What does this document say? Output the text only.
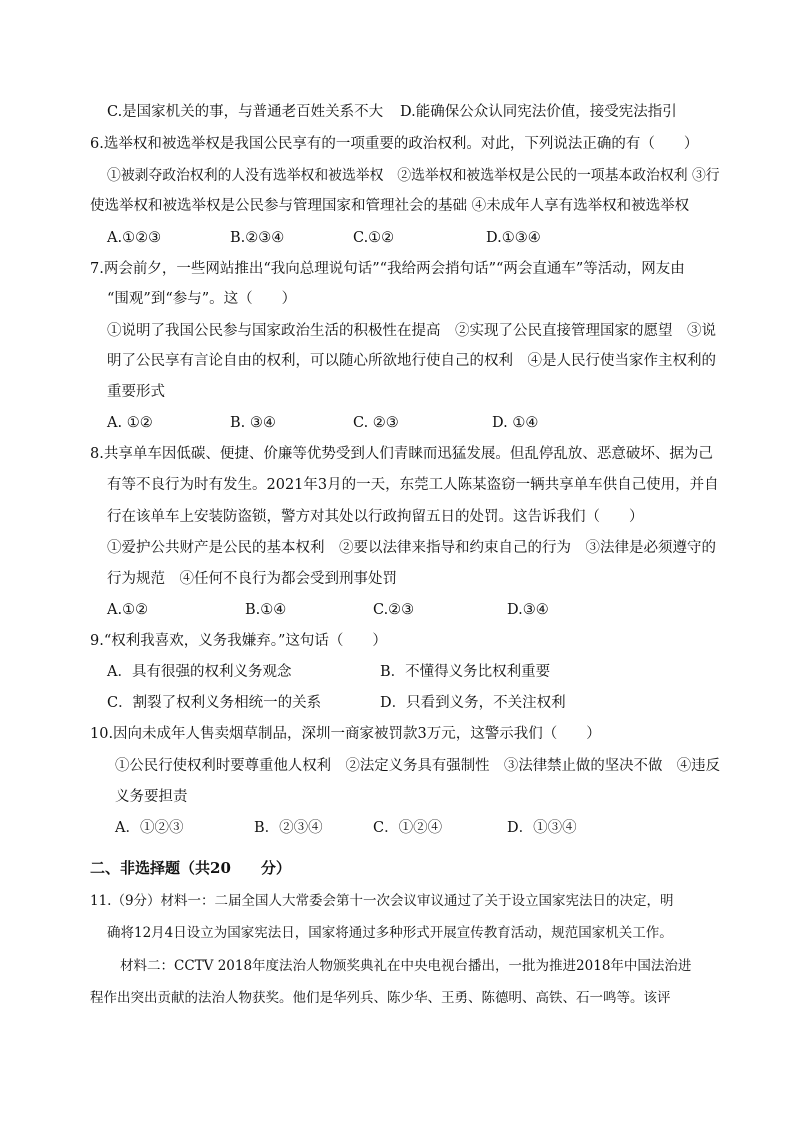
C.是国家机关的事，与普通老百姓关系不大 D.能确保公众认同宪法价值，接受宪法指引
6.选举权和被选举权是我国公民享有的一项重要的政治权利。对此，下列说法正确的有（　　）
①被剥夺政治权利的人没有选举权和被选举权　②选举权和被选举权是公民的一项基本政治权利 ③行
使选举权和被选举权是公民参与管理国家和管理社会的基础 ④未成年人享有选举权和被选举权
A.①②③	B.②③④	C.①②	D.①③④
7.两会前夕，一些网站推出“我向总理说句话”“我给两会捎句话”“两会直通车”等活动，网友由
“围观”到“参与”。这（　　）
①说明了我国公民参与国家政治生活的积极性在提高　②实现了公民直接管理国家的愿望　③说
明了公民享有言论自由的权利，可以随心所欲地行使自己的权利　④是人民行使当家作主权利的
重要形式
A. ①②	B. ③④	C. ②③	D. ①④
8.共享单车因低碳、便捷、价廉等优势受到人们青睐而迅猛发展。但乱停乱放、恶意破坏、据为己
有等不良行为时有发生。2021年3月的一天，东莞工人陈某盗窃一辆共享单车供自己使用，并自
行在该单车上安装防盗锁，警方对其处以行政拘留五日的处罚。这告诉我们（　　）
①爱护公共财产是公民的基本权利　②要以法律来指导和约束自己的行为　③法律是必须遵守的
行为规范　④任何不良行为都会受到刑事处罚
A.①②	B.①④	C.②③	D.③④
9.“权利我喜欢，义务我嫌弃。”这句话（　　）
A．具有很强的权利义务观念	B．不懂得义务比权利重要
C．割裂了权利义务相统一的关系	D．只看到义务，不关注权利
10.因向未成年人售卖烟草制品，深圳一商家被罚款3万元，这警示我们（　　）
①公民行使权利时要尊重他人权利　②法定义务具有强制性　③法律禁止做的坚决不做　④违反
义务要担责
A．①②③	B．②③④	C．①②④	D．①③④
二、非选择题（共20　　分）
11.（9分）材料一：二届全国人大常委会第十一次会议审议通过了关于设立国家宪法日的决定，明
确将12月4日设立为国家宪法日，国家将通过多种形式开展宣传教育活动，规范国家机关工作。
材料二：CCTV 2018年度法治人物颁奖典礼在中央电视台播出，一批为推进2018年中国法治进
程作出突出贡献的法治人物获奖。他们是华列兵、陈少华、王勇、陈德明、高铁、石一鸣等。该评
